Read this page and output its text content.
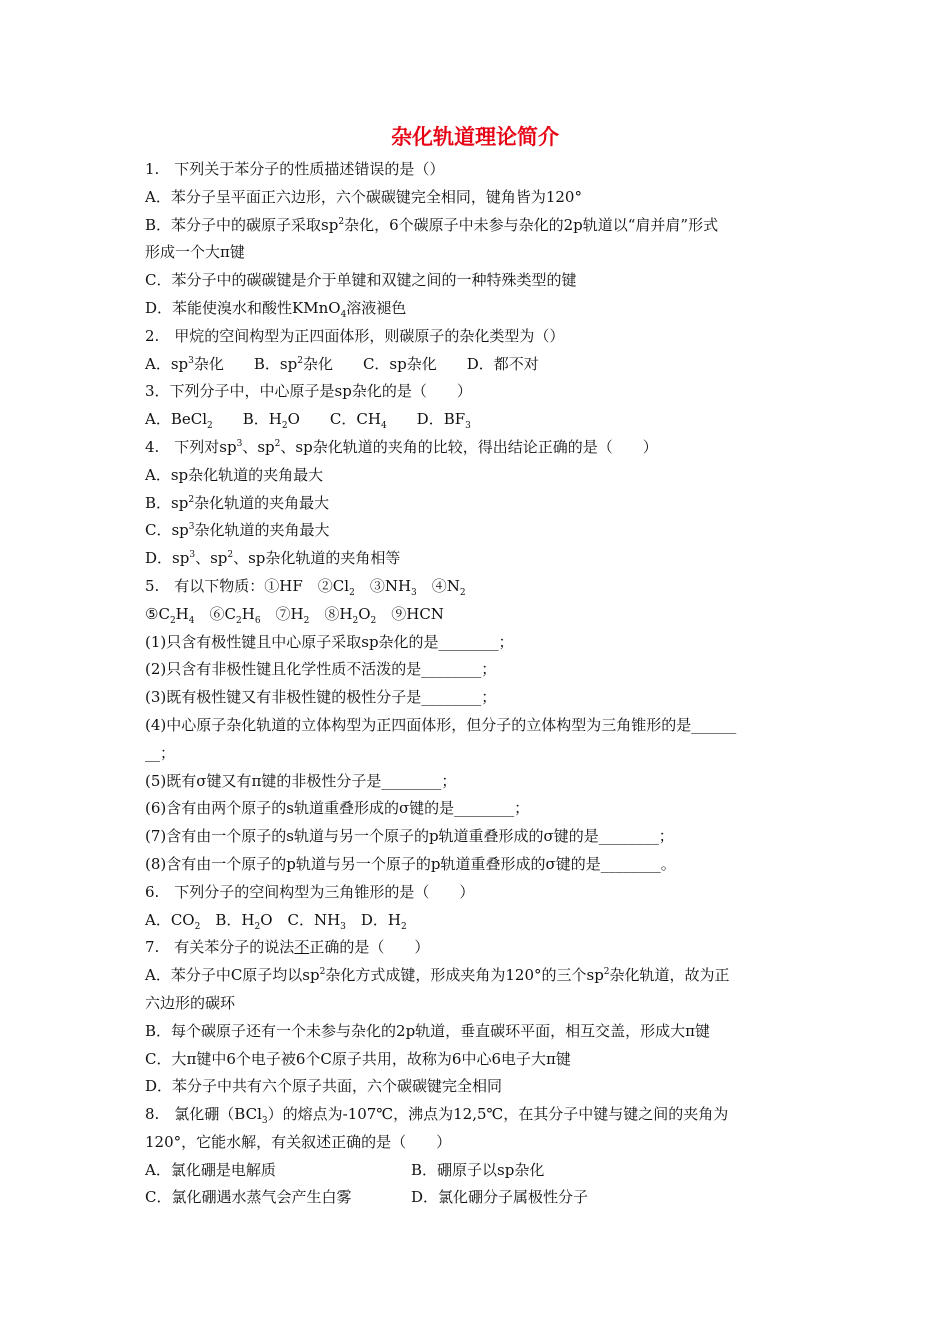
杂化轨道理论简介
1.　下列关于苯分子的性质描述错误的是（）
A．苯分子呈平面正六边形，六个碳碳键完全相同，键角皆为120°
B．苯分子中的碳原子采取$sp^2$杂化，6个碳原子中未参与杂化的2p轨道以“肩并肩”形式
形成一个大π键
C．苯分子中的碳碳键是介于单键和双键之间的一种特殊类型的键
D．苯能使溴水和酸性KMnO$_4$溶液褪色
2.　甲烷的空间构型为正四面体形，则碳原子的杂化类型为（）
A．$sp^3$杂化　　B．$sp^2$杂化　　C．sp杂化　　D．都不对
3．下列分子中，中心原子是sp杂化的是（　　）
A．BeCl$_2$　　B．$H_2O$　　C．$CH_4$　　D．$BF_3$
4.　下列对$sp^3$、$sp^2$、sp杂化轨道的夹角的比较，得出结论正确的是（　　）
A．sp杂化轨道的夹角最大
B．$sp^2$杂化轨道的夹角最大
C．$sp^3$杂化轨道的夹角最大
D．$sp^3$、$sp^2$、sp杂化轨道的夹角相等
5.　有以下物质：①HF　$②Cl_2$　$③NH_3$　$④N_2$
$⑤C_2H_4$　$⑥C_2H_6$　$⑦H_2$　$⑧H_2O_2$　⑨HCN
(1)只含有极性键且中心原子采取sp杂化的是________；
(2)只含有非极性键且化学性质不活泼的是________；
(3)既有极性键又有非极性键的极性分子是________；
(4)中心原子杂化轨道的立体构型为正四面体形，但分子的立体构型为三角锥形的是______
__；
(5)既有σ键又有π键的非极性分子是________；
(6)含有由两个原子的s轨道重叠形成的σ键的是________；
(7)含有由一个原子的s轨道与另一个原子的p轨道重叠形成的σ键的是________；
(8)含有由一个原子的p轨道与另一个原子的p轨道重叠形成的σ键的是________。
6.　下列分子的空间构型为三角锥形的是（　　）
A．$CO_2$　B．$H_2O$　C．$NH_3$　D．$H_2$
7.　有关苯分子的说法不正确的是（　　）
A．苯分子中C原子均以$sp^2$杂化方式成键，形成夹角为120°的三个$sp^2$杂化轨道，故为正
六边形的碳环
B．每个碳原子还有一个未参与杂化的2p轨道，垂直碳环平面，相互交盖，形成大π键
C．大π键中6个电子被6个C原子共用，故称为6中心6电子大π键
D．苯分子中共有六个原子共面，六个碳碳键完全相同
8.　氯化硼（BCl$_3$）的熔点为-107℃，沸点为12,5℃，在其分子中键与键之间的夹角为
120°，它能水解，有关叙述正确的是（　　）
A．氯化硼是电解质	B．硼原子以sp杂化
C．氯化硼遇水蒸气会产生白雾	D．氯化硼分子属极性分子
